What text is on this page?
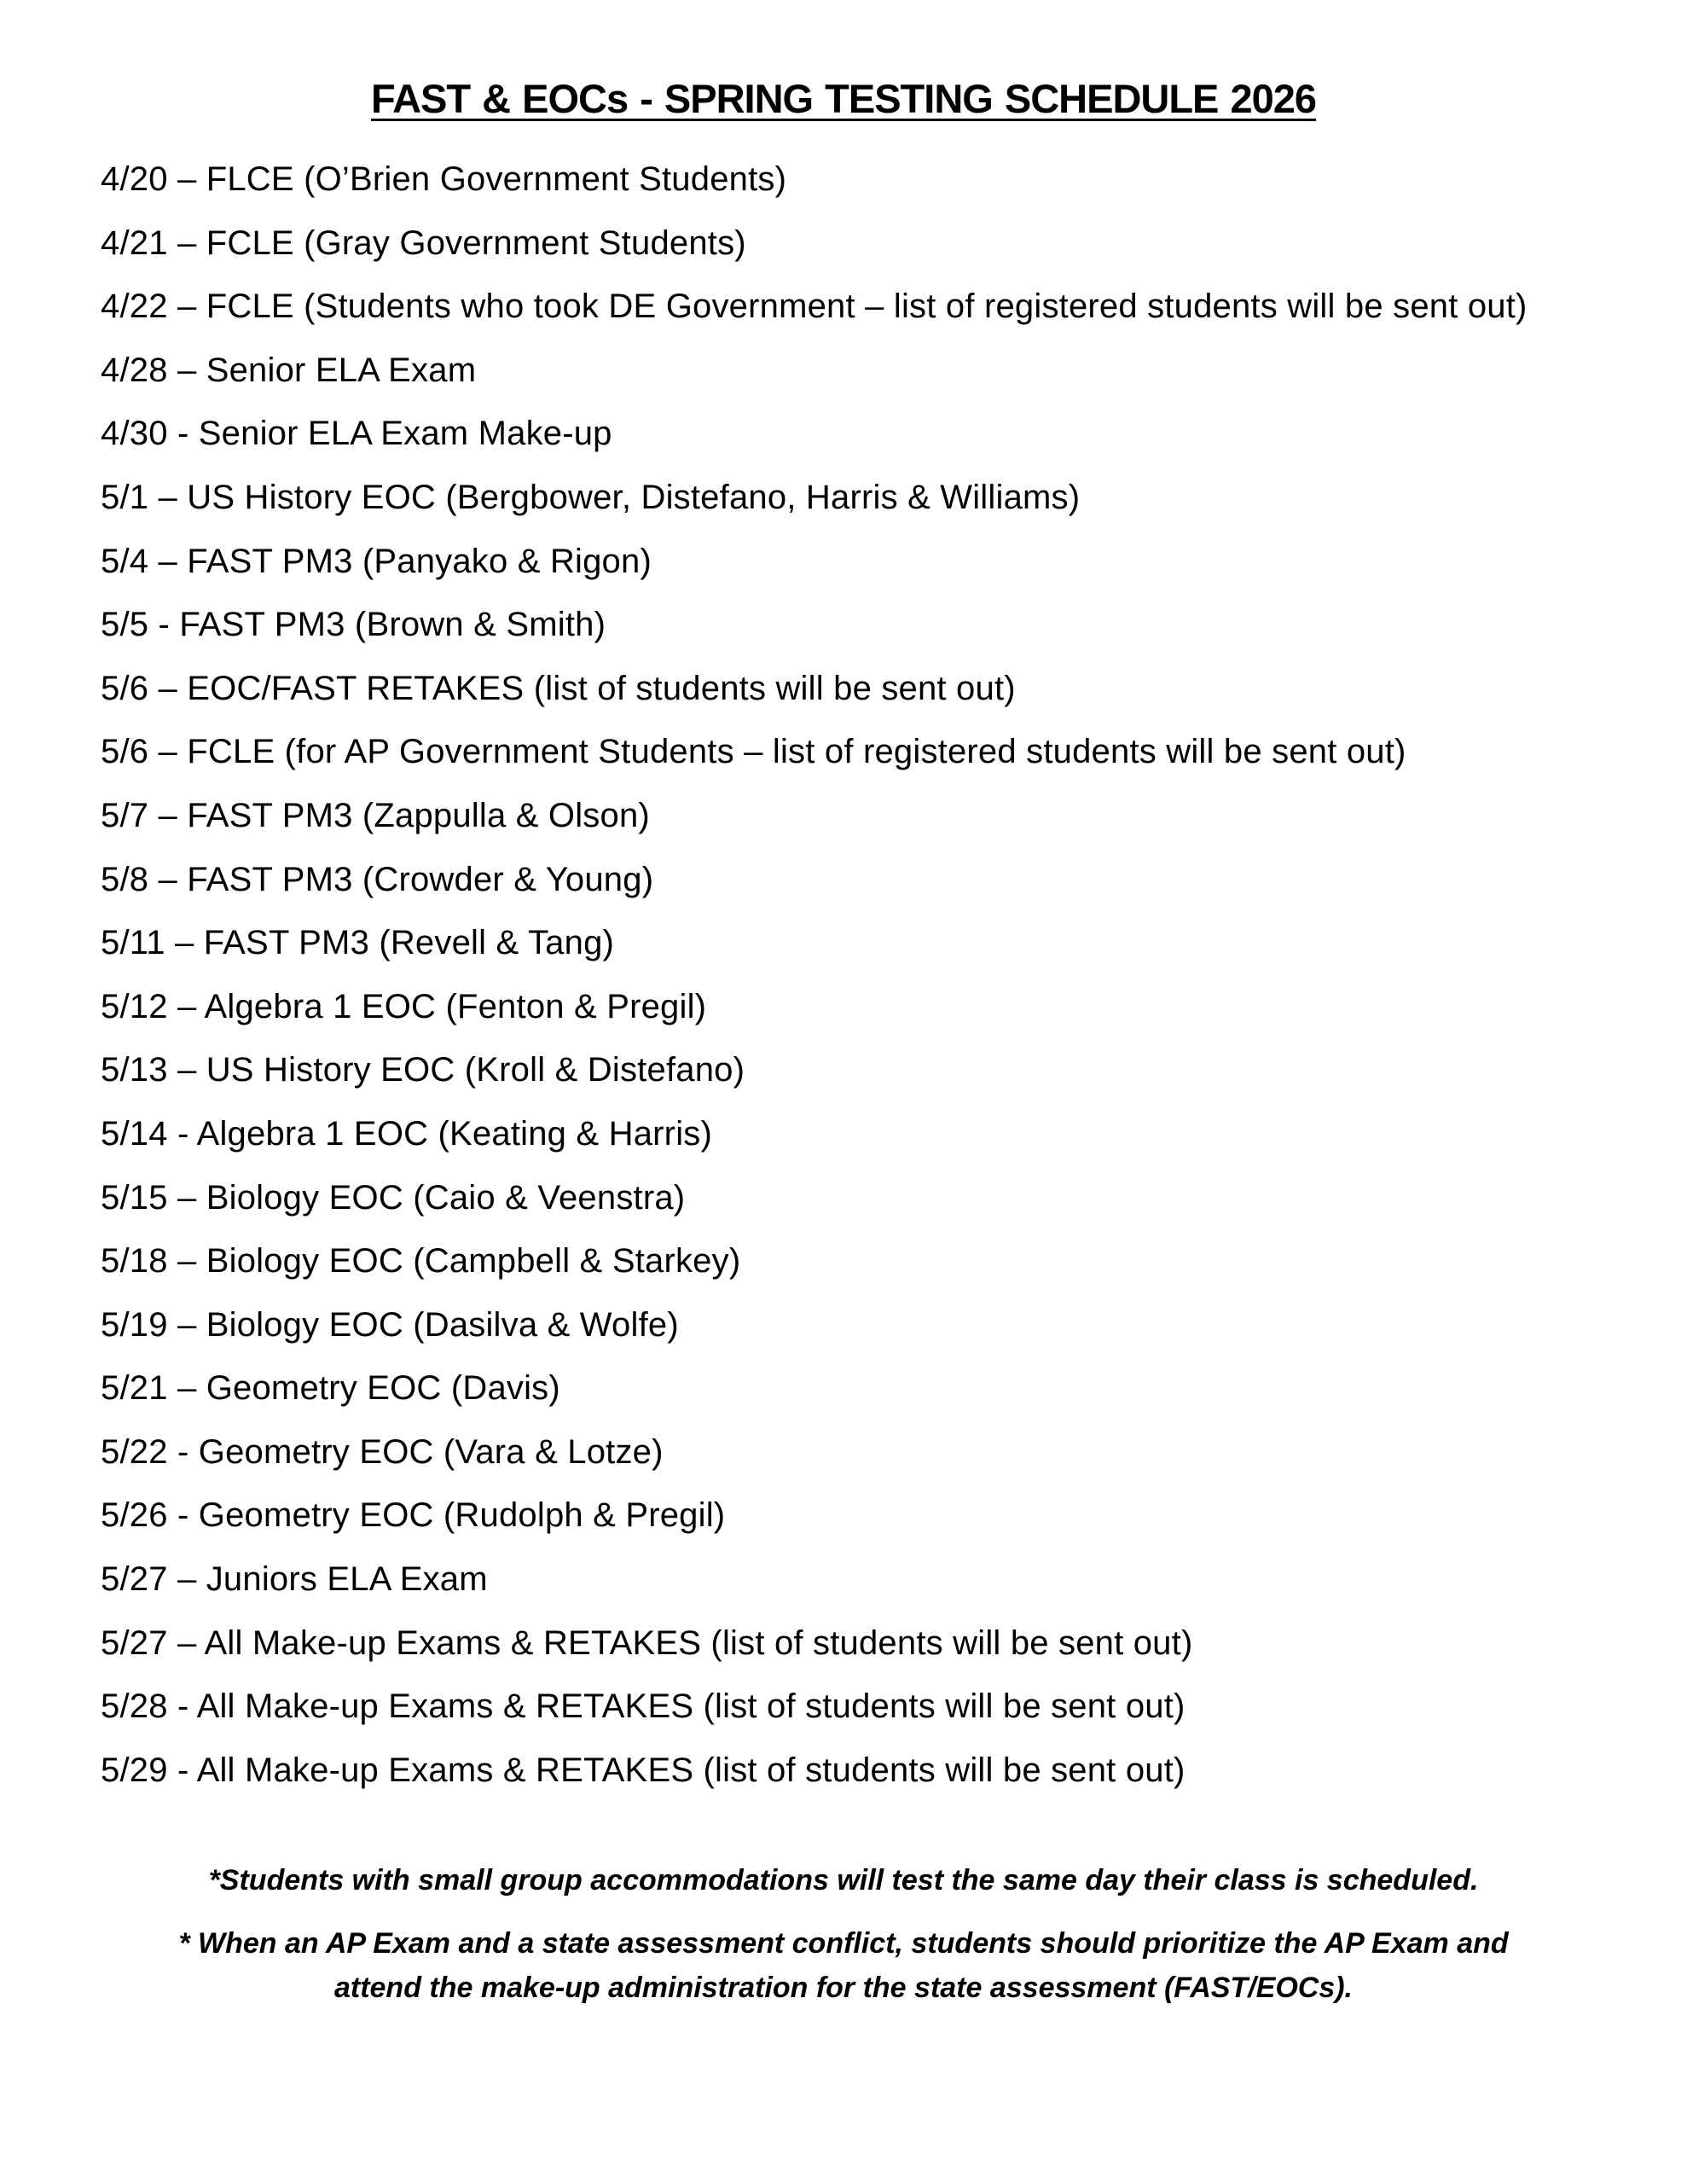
FAST & EOCs - SPRING TESTING SCHEDULE 2026

4/20 – FLCE (O’Brien Government Students)

4/21 – FCLE (Gray Government Students)

4/22 – FCLE (Students who took DE Government – list of registered students will be sent out)

4/28 – Senior ELA Exam

4/30 - Senior ELA Exam Make-up

5/1 – US History EOC (Bergbower, Distefano, Harris & Williams)

5/4 – FAST PM3 (Panyako & Rigon)

5/5 - FAST PM3 (Brown & Smith)

5/6 – EOC/FAST RETAKES (list of students will be sent out)

5/6 – FCLE (for AP Government Students – list of registered students will be sent out)

5/7 – FAST PM3 (Zappulla & Olson)

5/8 – FAST PM3 (Crowder & Young)

5/11 – FAST PM3 (Revell & Tang)

5/12 – Algebra 1 EOC (Fenton & Pregil)

5/13 – US History EOC (Kroll & Distefano)

5/14 - Algebra 1 EOC (Keating & Harris)

5/15 – Biology EOC (Caio & Veenstra)

5/18 – Biology EOC (Campbell & Starkey)

5/19 – Biology EOC (Dasilva & Wolfe)

5/21 – Geometry EOC (Davis)

5/22 - Geometry EOC (Vara & Lotze)

5/26 - Geometry EOC (Rudolph & Pregil)

5/27 – Juniors ELA Exam

5/27 – All Make-up Exams & RETAKES (list of students will be sent out)

5/28 - All Make-up Exams & RETAKES (list of students will be sent out)

5/29 - All Make-up Exams & RETAKES (list of students will be sent out)

*Students with small group accommodations will test the same day their class is scheduled.

* When an AP Exam and a state assessment conflict, students should prioritize the AP Exam and attend the make-up administration for the state assessment (FAST/EOCs).
